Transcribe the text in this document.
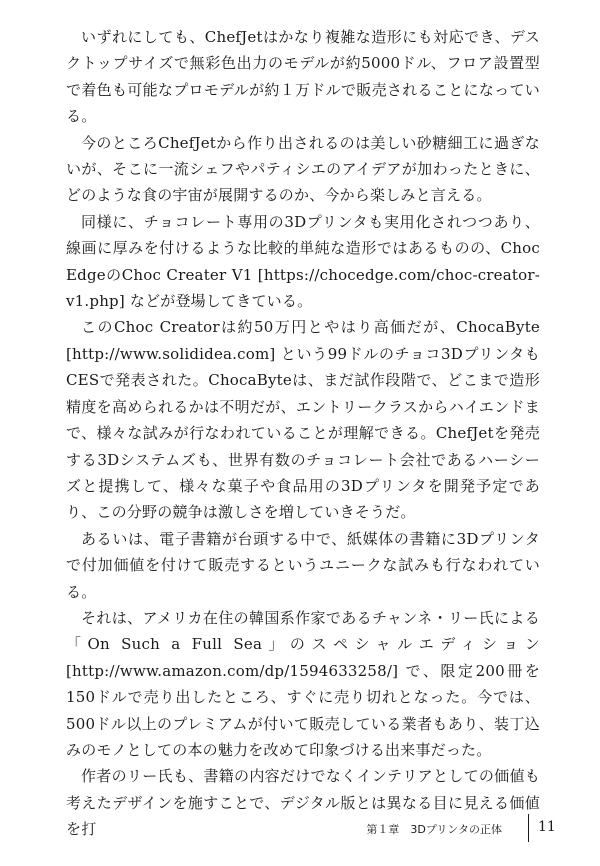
いずれにしても、ChefJetはかなり複雑な造形にも対応でき、デスクトップサイズで無彩色出力のモデルが約5000ドル、フロア設置型で着色も可能なプロモデルが約１万ドルで販売されることになっている。

今のところChefJetから作り出されるのは美しい砂糖細工に過ぎないが、そこに一流シェフやパティシエのアイデアが加わったときに、どのような食の宇宙が展開するのか、今から楽しみと言える。

同様に、チョコレート専用の3Dプリンタも実用化されつつあり、線画に厚みを付けるような比較的単純な造形ではあるものの、Choc EdgeのChoc Creater V1 [https://chocedge.com/choc-creator-v1.php] などが登場してきている。

このChoc Creatorは約50万円とやはり高価だが、ChocaByte [http://www.solididea.com] という99ドルのチョコ3DプリンタもCESで発表された。ChocaByteは、まだ試作段階で、どこまで造形精度を高められるかは不明だが、エントリークラスからハイエンドまで、様々な試みが行なわれていることが理解できる。ChefJetを発売する3Dシステムズも、世界有数のチョコレート会社であるハーシーズと提携して、様々な菓子や食品用の3Dプリンタを開発予定であり、この分野の競争は激しさを増していきそうだ。

あるいは、電子書籍が台頭する中で、紙媒体の書籍に3Dプリンタで付加価値を付けて販売するというユニークな試みも行なわれている。

それは、アメリカ在住の韓国系作家であるチャンネ・リー氏による「On Such a Full Sea」のスペシャルエディション [http://www.amazon.com/dp/1594633258/] で、限定200冊を150ドルで売り出したところ、すぐに売り切れとなった。今では、500ドル以上のプレミアムが付いて販売している業者もあり、装丁込みのモノとしての本の魅力を改めて印象づける出来事だった。

作者のリー氏も、書籍の内容だけでなくインテリアとしての価値も考えたデザインを施すことで、デジタル版とは異なる目に見える価値を打	第１章　3Dプリンタの正体	11
